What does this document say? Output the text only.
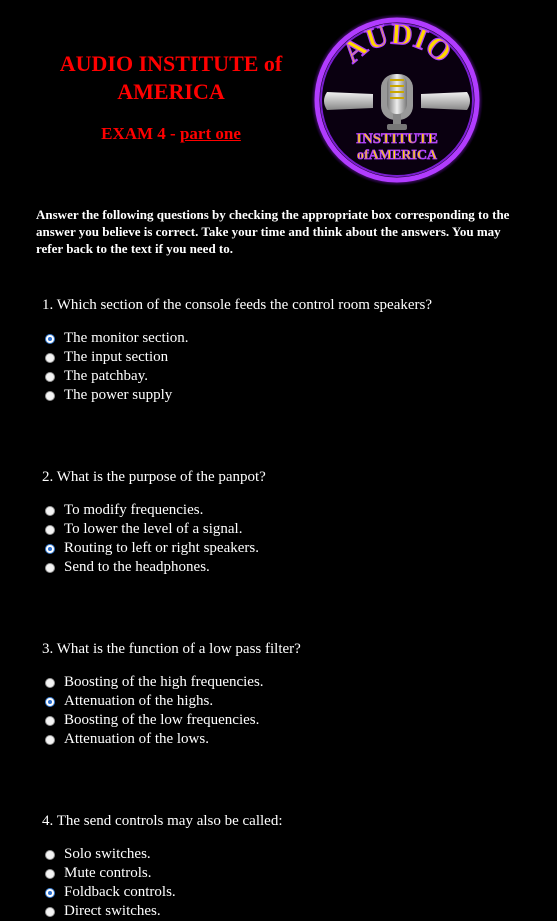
AUDIO INSTITUTE of AMERICA
EXAM 4 - part one
AUDIO
INSTITUTE
ofAMERICA
Answer the following questions by checking the appropriate box corresponding to the answer you believe is correct. Take your time and think about the answers. You may refer back to the text if you need to.
1. Which section of the console feeds the control room speakers?
The monitor section.
The input section
The patchbay.
The power supply
2. What is the purpose of the panpot?
To modify frequencies.
To lower the level of a signal.
Routing to left or right speakers.
Send to the headphones.
3. What is the function of a low pass filter?
Boosting of the high frequencies.
Attenuation of the highs.
Boosting of the low frequencies.
Attenuation of the lows.
4. The send controls may also be called:
Solo switches.
Mute controls.
Foldback controls.
Direct switches.
